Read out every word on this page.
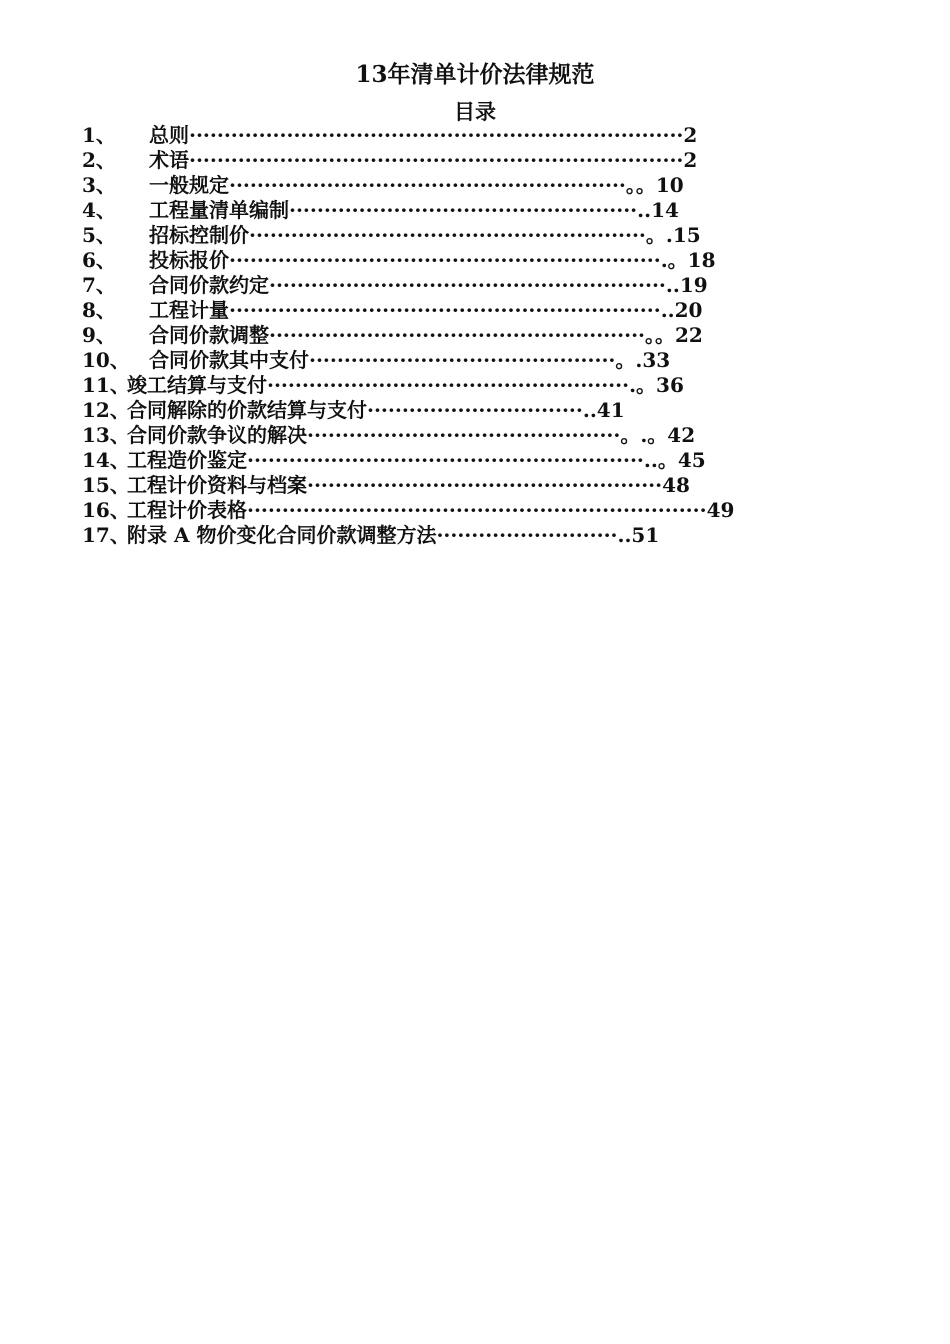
13年清单计价法律规范
目录
1、 总则·······································································2
2、 术语·······································································2
3、 一般规定·························································。。10
4、 工程量清单编制··················································..14
5、 招标控制价·························································。.15
6、 投标报价······························································.。18
7、 合同价款约定·························································..19
8、 工程计量······························································..20
9、 合同价款调整······················································。。22
10、 合同价款其中支付············································。.33
11、
竣工结算与支付····················································.。36
12、
合同解除的价款结算与支付·······························..41
13、
合同价款争议的解决·············································。.。42
14、
工程造价鉴定·························································..。45
15、
工程计价资料与档案···················································48
16、
工程计价表格··································································49
17、
附录 A 物价变化合同价款调整方法··························..51
